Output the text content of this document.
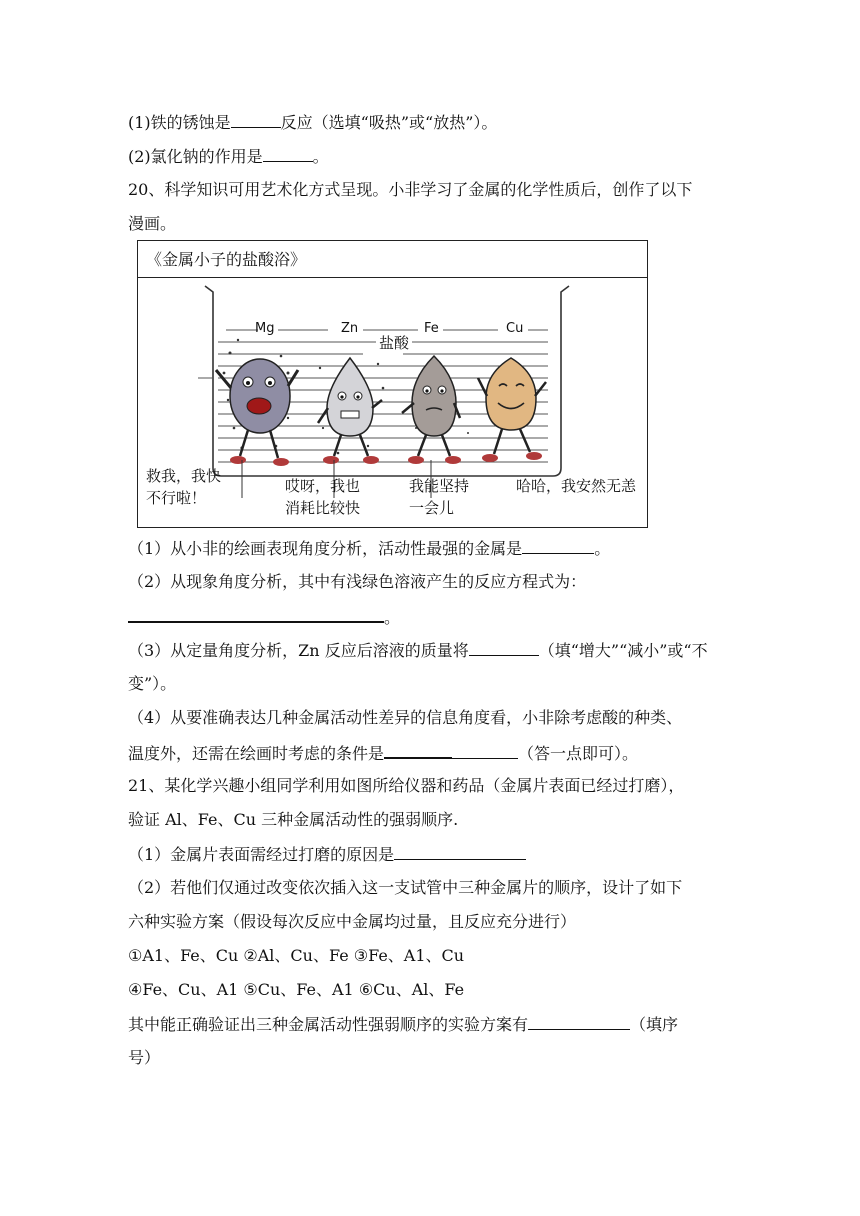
(1)铁的锈蚀是	反应（选填“吸热”或“放热”）。
(2)氯化钠的作用是	。
20、科学知识可用艺术化方式呈现。小非学习了金属的化学性质后，创作了以下
漫画。
《金属小子的盐酸浴》
Mg	Zn	Fe	Cu
盐酸
救我，我快
不行啦！
哎呀，我也
消耗比较快
我能坚持
一会儿
哈哈，我安然无恙
（1）从小非的绘画表现角度分析，活动性最强的金属是	。
（2）从现象角度分析，其中有浅绿色溶液产生的反应方程式为：
。
（3）从定量角度分析，Zn 反应后溶液的质量将	（填“增大”“减小”或“不
变”）。
（4）从要准确表达几种金属活动性差异的信息角度看，小非除考虑酸的种类、
温度外，还需在绘画时考虑的条件是	（答一点即可）。
21、某化学兴趣小组同学利用如图所给仪器和药品（金属片表面已经过打磨），
验证 Al、Fe、Cu 三种金属活动性的强弱顺序.
（1）金属片表面需经过打磨的原因是
（2）若他们仅通过改变依次插入这一支试管中三种金属片的顺序，设计了如下
六种实验方案（假设每次反应中金属均过量，且反应充分进行）
①A1、Fe、Cu ②Al、Cu、Fe ③Fe、A1、Cu
④Fe、Cu、A1 ⑤Cu、Fe、A1 ⑥Cu、Al、Fe
其中能正确验证出三种金属活动性强弱顺序的实验方案有	（填序
号）
